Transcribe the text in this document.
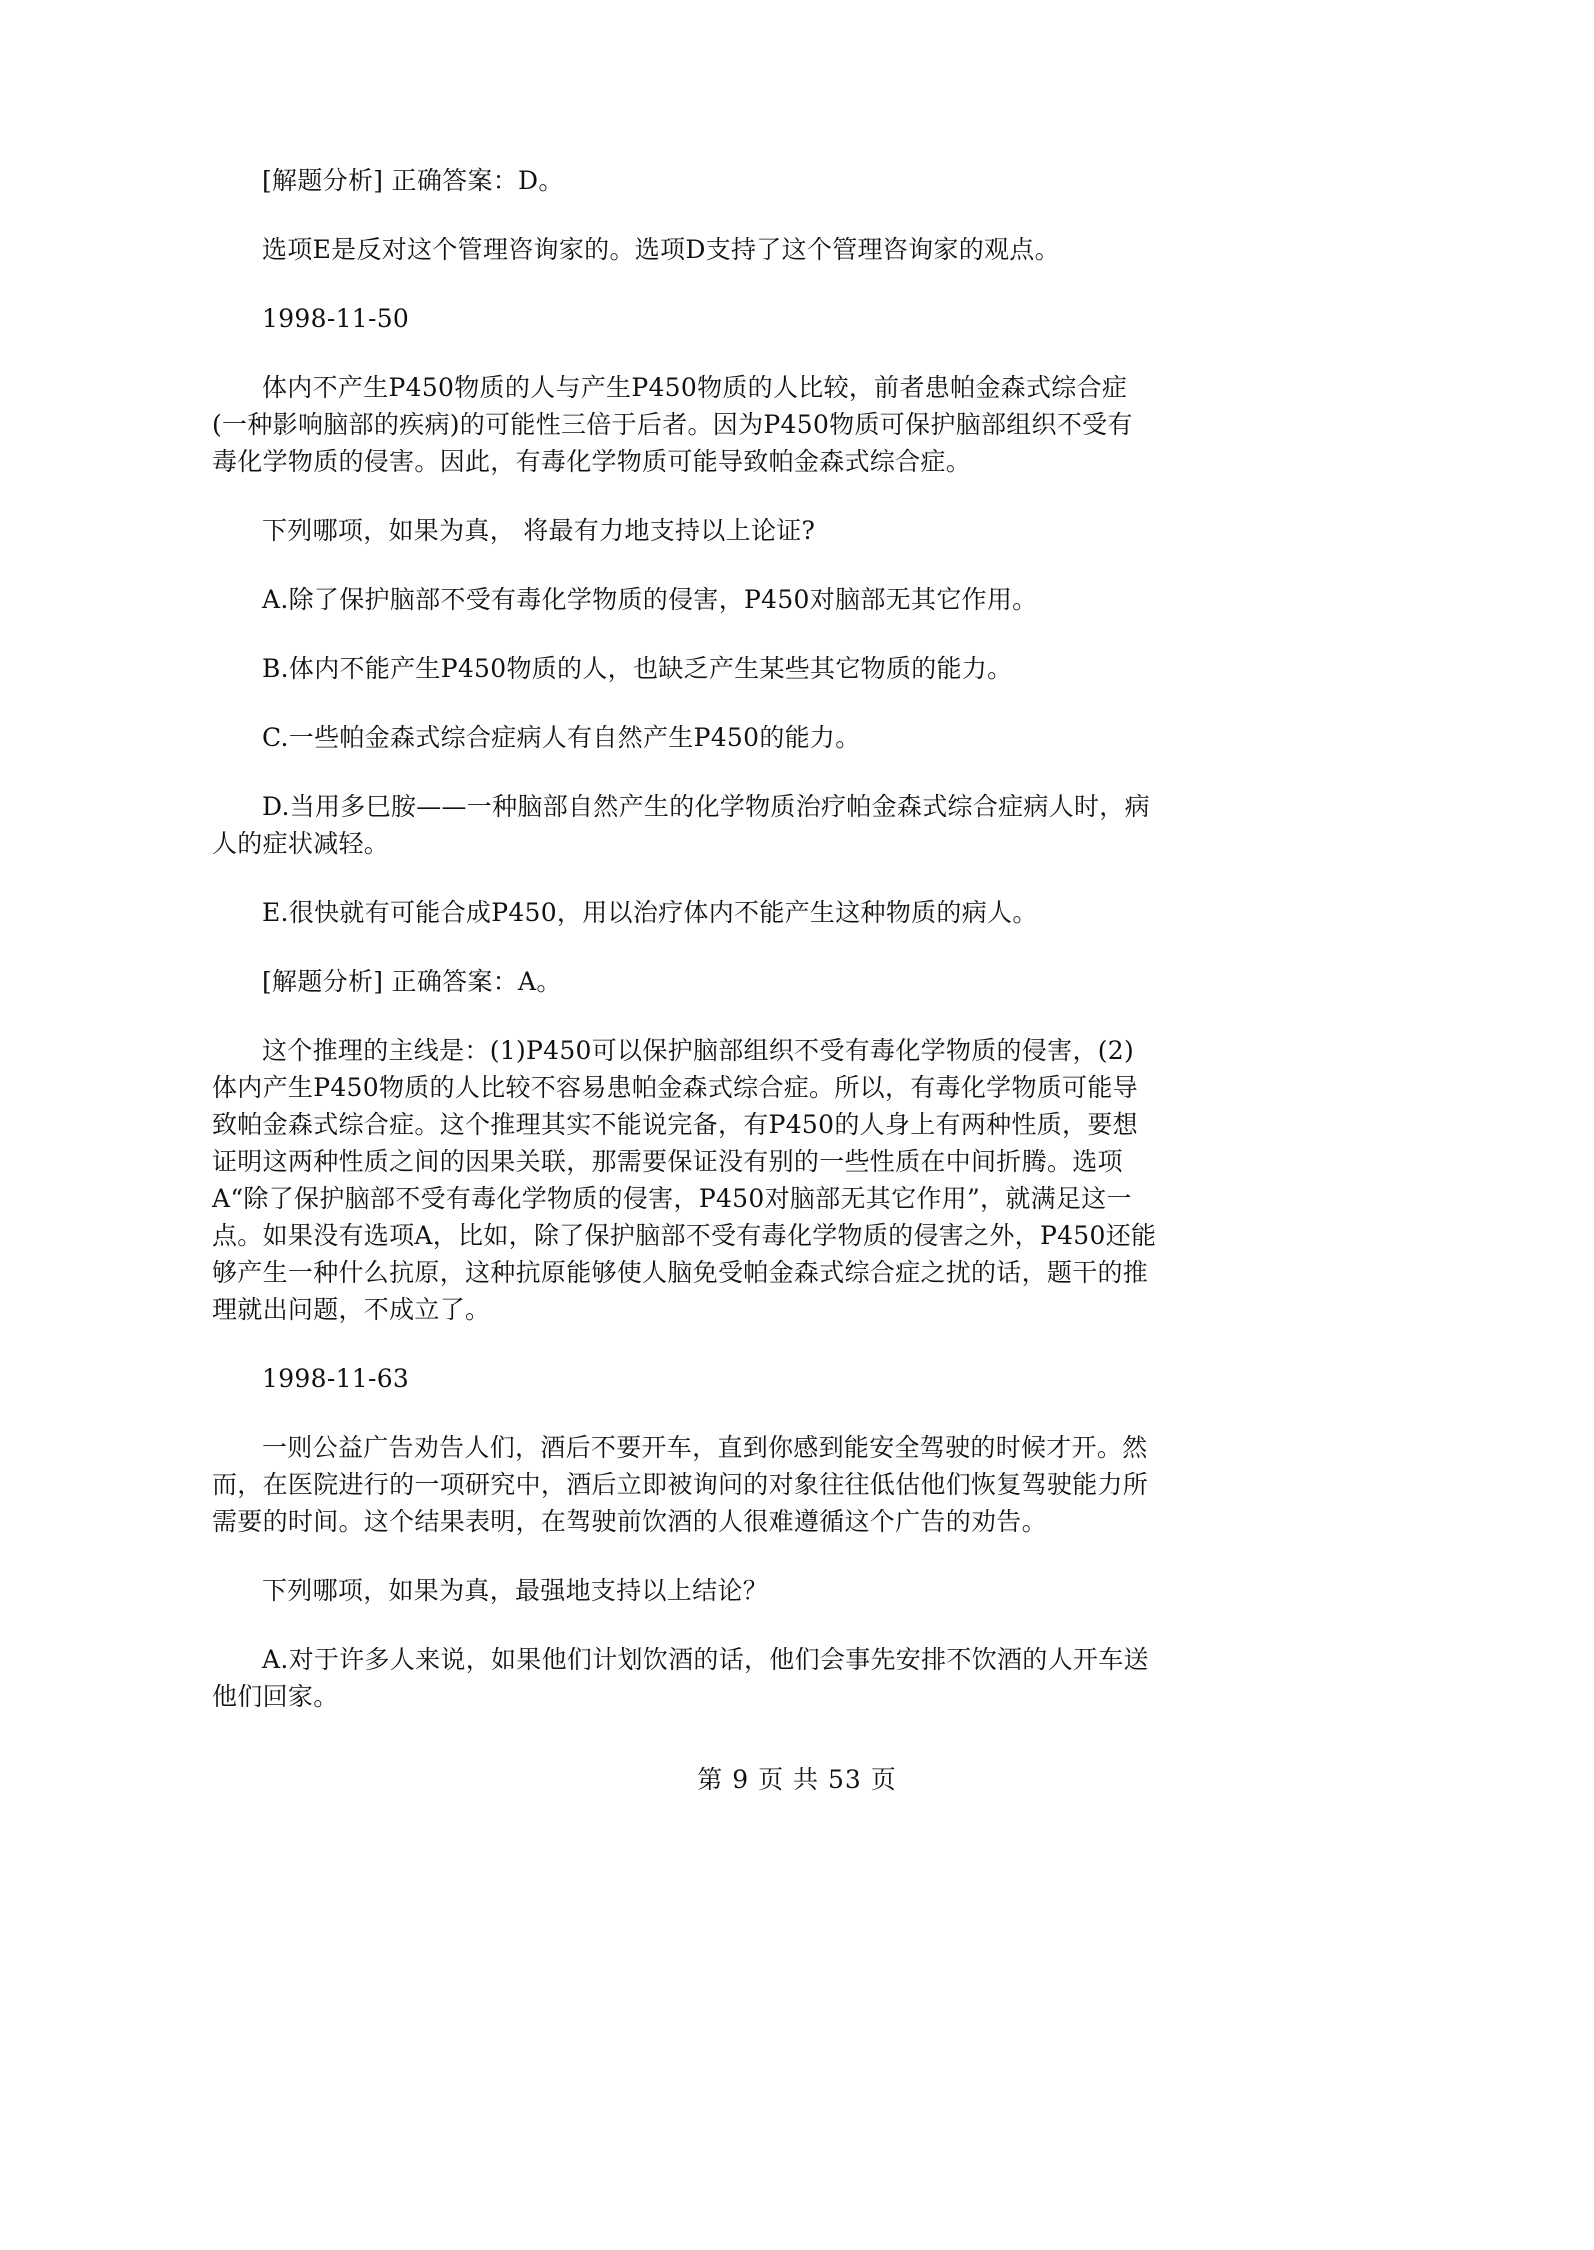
[解题分析] 正确答案：D。

选项E是反对这个管理咨询家的。选项D支持了这个管理咨询家的观点。

1998-11-50

体内不产生P450物质的人与产生P450物质的人比较，前者患帕金森式综合症(一种影响脑部的疾病)的可能性三倍于后者。因为P450物质可保护脑部组织不受有毒化学物质的侵害。因此，有毒化学物质可能导致帕金森式综合症。

下列哪项，如果为真， 将最有力地支持以上论证?

A.除了保护脑部不受有毒化学物质的侵害，P450对脑部无其它作用。

B.体内不能产生P450物质的人，也缺乏产生某些其它物质的能力。

C.一些帕金森式综合症病人有自然产生P450的能力。

D.当用多巳胺——一种脑部自然产生的化学物质治疗帕金森式综合症病人时，病人的症状减轻。

E.很快就有可能合成P450，用以治疗体内不能产生这种物质的病人。

[解题分析] 正确答案：A。

这个推理的主线是：(1)P450可以保护脑部组织不受有毒化学物质的侵害，(2)体内产生P450物质的人比较不容易患帕金森式综合症。所以，有毒化学物质可能导致帕金森式综合症。这个推理其实不能说完备，有P450的人身上有两种性质，要想证明这两种性质之间的因果关联，那需要保证没有别的一些性质在中间折腾。选项A“除了保护脑部不受有毒化学物质的侵害，P450对脑部无其它作用”，就满足这一点。如果没有选项A，比如，除了保护脑部不受有毒化学物质的侵害之外，P450还能够产生一种什么抗原，这种抗原能够使人脑免受帕金森式综合症之扰的话，题干的推理就出问题，不成立了。

1998-11-63

一则公益广告劝告人们，酒后不要开车，直到你感到能安全驾驶的时候才开。然而，在医院进行的一项研究中，酒后立即被询问的对象往往低估他们恢复驾驶能力所需要的时间。这个结果表明，在驾驶前饮酒的人很难遵循这个广告的劝告。

下列哪项，如果为真，最强地支持以上结论？

A.对于许多人来说，如果他们计划饮酒的话，他们会事先安排不饮酒的人开车送他们回家。

第 9 页 共 53 页
